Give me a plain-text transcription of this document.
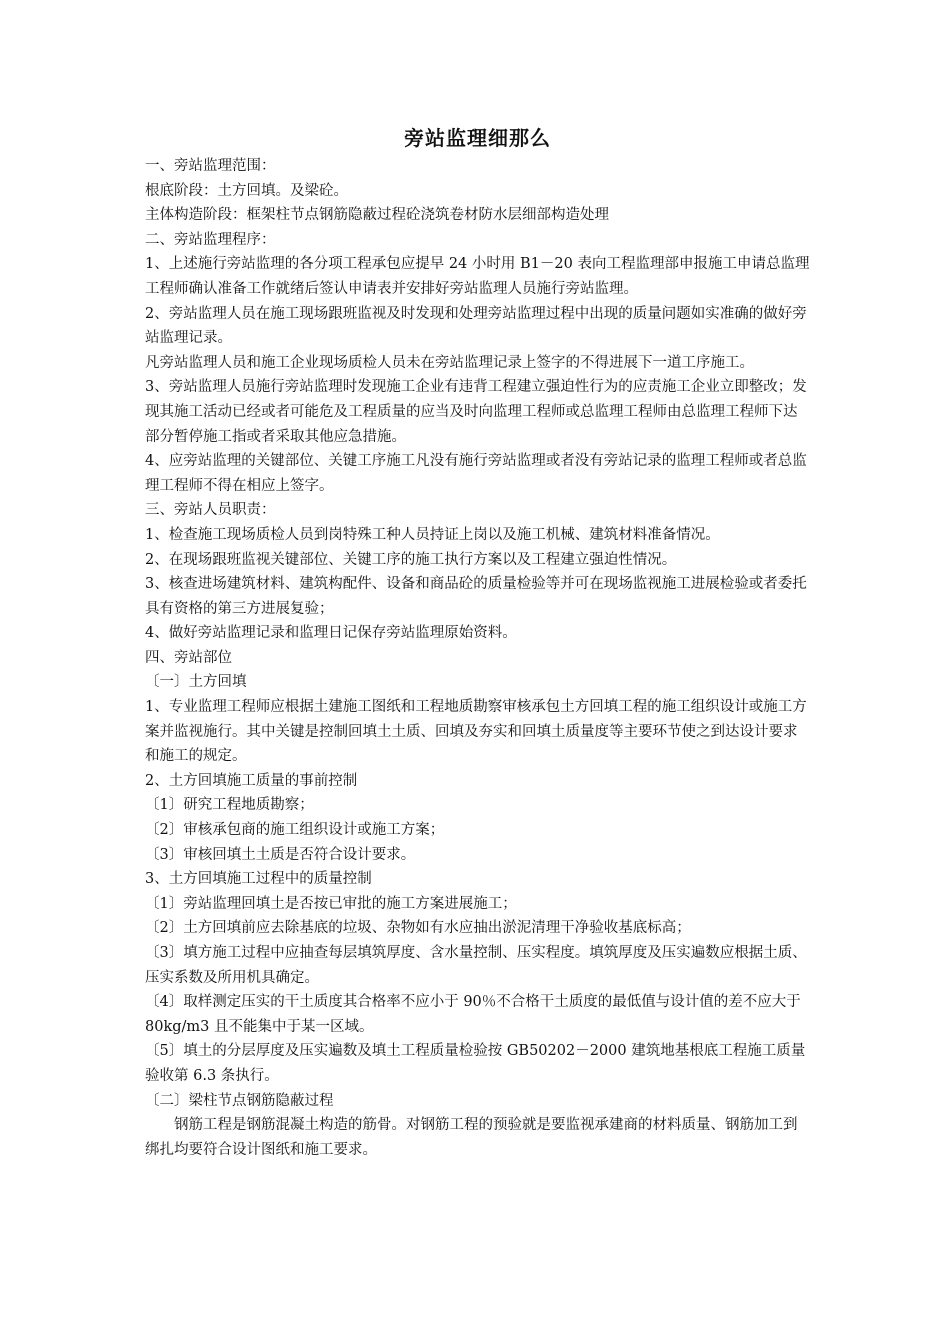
旁站监理细那么

一、旁站监理范围：

根底阶段：土方回填。及梁砼。

主体构造阶段：框架柱节点钢筋隐蔽过程砼浇筑卷材防水层细部构造处理

二、旁站监理程序：

1、上述施行旁站监理的各分项工程承包应提早 24 小时用 B1－20 表向工程监理部申报施工申请总监理工程师确认准备工作就绪后签认申请表并安排好旁站监理人员施行旁站监理。

2、旁站监理人员在施工现场跟班监视及时发现和处理旁站监理过程中出现的质量问题如实准确的做好旁站监理记录。

凡旁站监理人员和施工企业现场质检人员未在旁站监理记录上签字的不得进展下一道工序施工。

3、旁站监理人员施行旁站监理时发现施工企业有违背工程建立强迫性行为的应责施工企业立即整改；发现其施工活动已经或者可能危及工程质量的应当及时向监理工程师或总监理工程师由总监理工程师下达部分暂停施工指或者采取其他应急措施。

4、应旁站监理的关键部位、关键工序施工凡没有施行旁站监理或者没有旁站记录的监理工程师或者总监理工程师不得在相应上签字。

三、旁站人员职责：

1、检查施工现场质检人员到岗特殊工种人员持证上岗以及施工机械、建筑材料准备情况。

2、在现场跟班监视关键部位、关键工序的施工执行方案以及工程建立强迫性情况。

3、核查进场建筑材料、建筑构配件、设备和商品砼的质量检验等并可在现场监视施工进展检验或者委托具有资格的第三方进展复验；

4、做好旁站监理记录和监理日记保存旁站监理原始资料。

四、旁站部位

〔一〕土方回填

1、专业监理工程师应根据土建施工图纸和工程地质勘察审核承包土方回填工程的施工组织设计或施工方案并监视施行。其中关键是控制回填土土质、回填及夯实和回填土质量度等主要环节使之到达设计要求和施工的规定。

2、土方回填施工质量的事前控制

〔1〕研究工程地质勘察；

〔2〕审核承包商的施工组织设计或施工方案；

〔3〕审核回填土土质是否符合设计要求。

3、土方回填施工过程中的质量控制

〔1〕旁站监理回填土是否按已审批的施工方案进展施工；

〔2〕土方回填前应去除基底的垃圾、杂物如有水应抽出淤泥清理干净验收基底标高；

〔3〕填方施工过程中应抽查每层填筑厚度、含水量控制、压实程度。填筑厚度及压实遍数应根据土质、压实系数及所用机具确定。

〔4〕取样测定压实的干土质度其合格率不应小于 90％不合格干土质度的最低值与设计值的差不应大于 80kg/m3 且不能集中于某一区域。

〔5〕填土的分层厚度及压实遍数及填土工程质量检验按 GB50202－2000 建筑地基根底工程施工质量验收第 6.3 条执行。

〔二〕梁柱节点钢筋隐蔽过程

钢筋工程是钢筋混凝土构造的筋骨。对钢筋工程的预验就是要监视承建商的材料质量、钢筋加工到绑扎均要符合设计图纸和施工要求。
